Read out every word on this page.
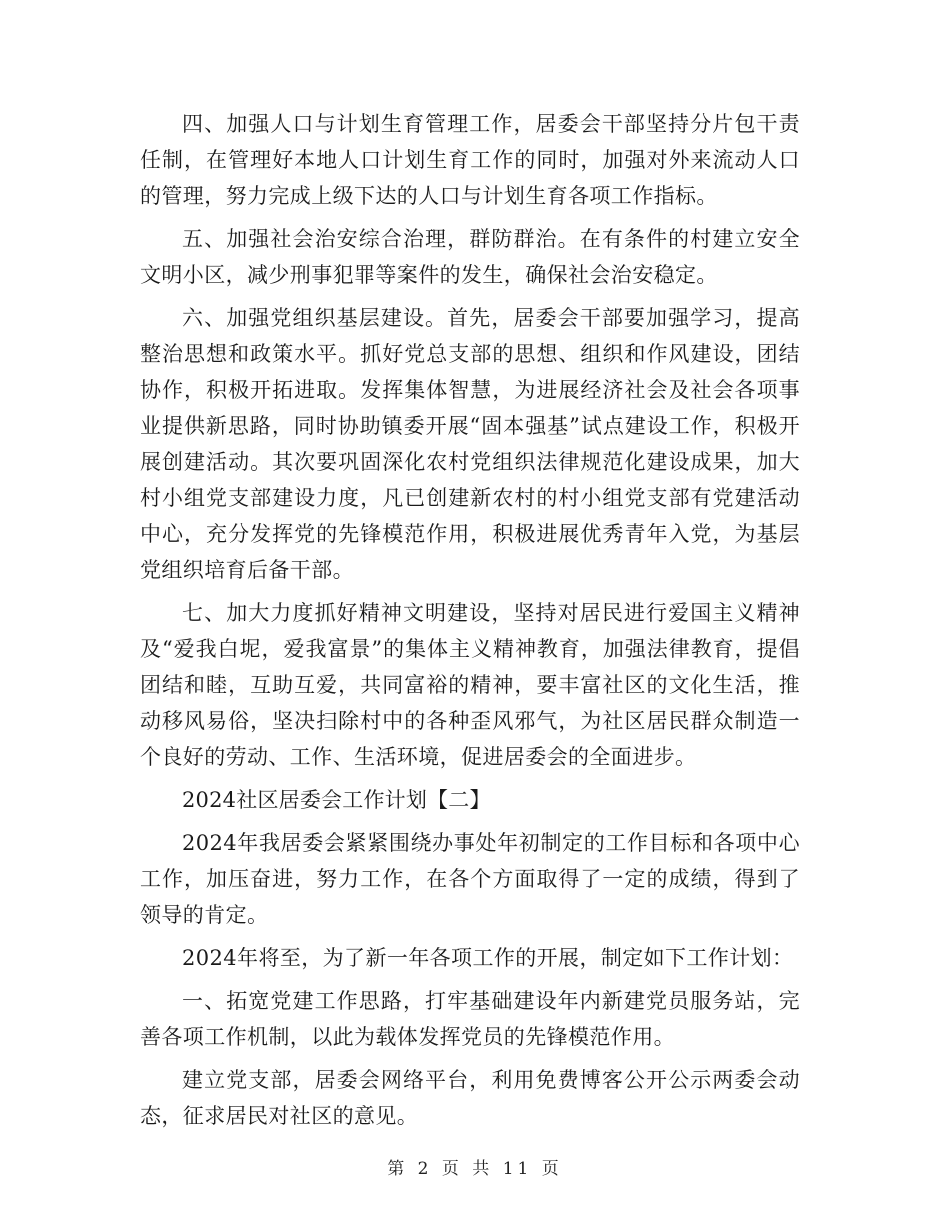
四、加强人口与计划生育管理工作，居委会干部坚持分片包干责任制，在管理好本地人口计划生育工作的同时，加强对外来流动人口的管理，努力完成上级下达的人口与计划生育各项工作指标。

五、加强社会治安综合治理，群防群治。在有条件的村建立安全文明小区，减少刑事犯罪等案件的发生，确保社会治安稳定。

六、加强党组织基层建设。首先，居委会干部要加强学习，提高整治思想和政策水平。抓好党总支部的思想、组织和作风建设，团结协作，积极开拓进取。发挥集体智慧，为进展经济社会及社会各项事业提供新思路，同时协助镇委开展“固本强基”试点建设工作，积极开展创建活动。其次要巩固深化农村党组织法律规范化建设成果，加大村小组党支部建设力度，凡已创建新农村的村小组党支部有党建活动中心，充分发挥党的先锋模范作用，积极进展优秀青年入党，为基层党组织培育后备干部。

七、加大力度抓好精神文明建设，坚持对居民进行爱国主义精神及“爱我白坭，爱我富景”的集体主义精神教育，加强法律教育，提倡团结和睦，互助互爱，共同富裕的精神，要丰富社区的文化生活，推动移风易俗，坚决扫除村中的各种歪风邪气，为社区居民群众制造一个良好的劳动、工作、生活环境，促进居委会的全面进步。

2024社区居委会工作计划【二】

2024年我居委会紧紧围绕办事处年初制定的工作目标和各项中心工作，加压奋进，努力工作，在各个方面取得了一定的成绩，得到了领导的肯定。

2024年将至，为了新一年各项工作的开展，制定如下工作计划：

一、拓宽党建工作思路，打牢基础建设年内新建党员服务站，完善各项工作机制，以此为载体发挥党员的先锋模范作用。

建立党支部，居委会网络平台，利用免费博客公开公示两委会动态，征求居民对社区的意见。

第 2 页 共 11 页
